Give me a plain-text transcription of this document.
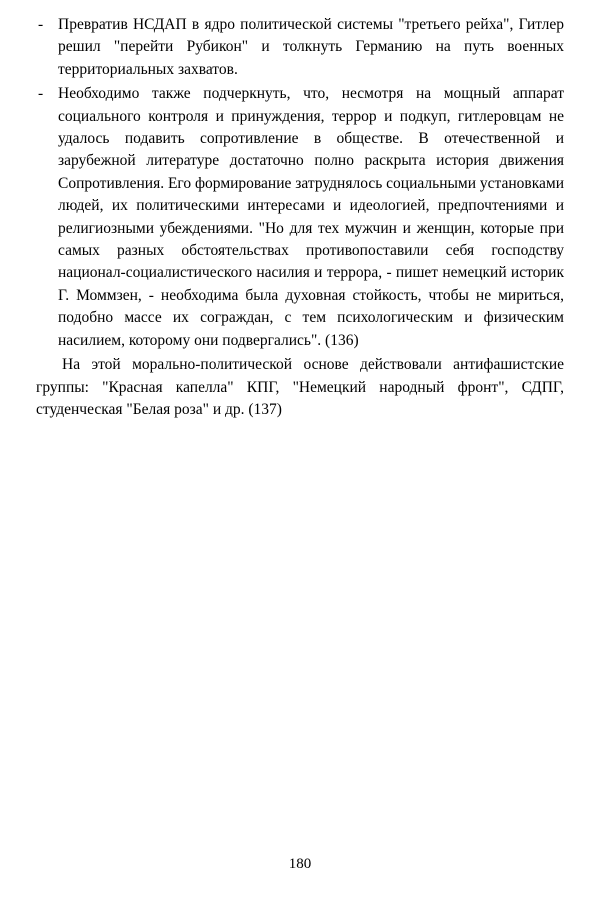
- Превратив НСДАП в ядро политической системы "третьего рейха", Гитлер решил "перейти Рубикон" и толкнуть Германию на путь военных территориальных захватов.
- Необходимо также подчеркнуть, что, несмотря на мощный аппарат социального контроля и принуждения, террор и подкуп, гитлеровцам не удалось подавить сопротивление в обществе. В отечественной и зарубежной литературе достаточно полно раскрыта история движения Сопротивления. Его формирование затруднялось социальными установками людей, их политическими интересами и идеологией, предпочтениями и религиозными убеждениями. "Но для тех мужчин и женщин, которые при самых разных обстоятельствах противопоставили себя господству национал-социалистического насилия и террора, - пишет немецкий историк Г. Моммзен, - необходима была духовная стойкость, чтобы не мириться, подобно массе их сограждан, с тем психологическим и физическим насилием, которому они подвергались". (136)
На этой морально-политической основе действовали антифашистские группы: "Красная капелла" КПГ, "Немецкий народный фронт", СДПГ, студенческая "Белая роза" и др. (137)
180
